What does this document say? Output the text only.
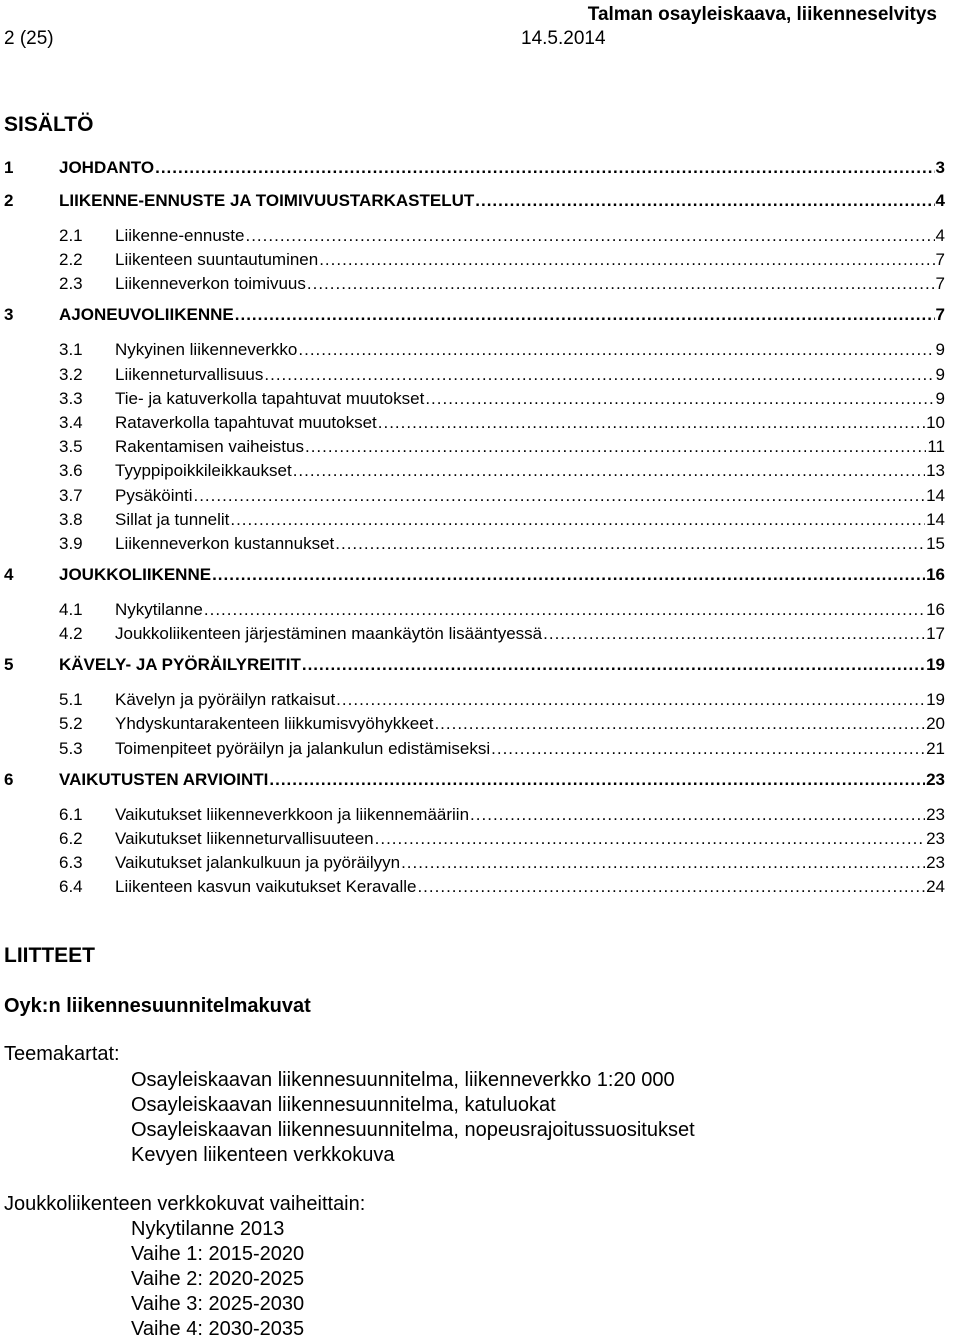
Talman osayleiskaava, liikenneselvitys
2 (25)	14.5.2014
SISÄLTÖ
1	JOHDANTO .....	3
2	LIIKENNE-ENNUSTE JA TOIMIVUUSTARKASTELUT .....	4
2.1	Liikenne-ennuste .....	4
2.2	Liikenteen suuntautuminen .....	7
2.3	Liikenneverkon toimivuus .....	7
3	AJONEUVOLIIKENNE .....	7
3.1	Nykyinen liikenneverkko .....	9
3.2	Liikenneturvallisuus .....	9
3.3	Tie- ja katuverkolla tapahtuvat muutokset .....	9
3.4	Rataverkolla tapahtuvat muutokset .....	10
3.5	Rakentamisen vaiheistus .....	11
3.6	Tyyppipoikkileikkaukset .....	13
3.7	Pysäköinti .....	14
3.8	Sillat ja tunnelit .....	14
3.9	Liikenneverkon kustannukset .....	15
4	JOUKKOLIIKENNE .....	16
4.1	Nykytilanne .....	16
4.2	Joukkoliikenteen järjestäminen maankäytön lisääntyessä .....	17
5	KÄVELY- JA PYÖRÄILYREITIT .....	19
5.1	Kävelyn ja pyöräilyn ratkaisut .....	19
5.2	Yhdyskuntarakenteen liikkumisvyöhykkeet .....	20
5.3	Toimenpiteet pyöräilyn ja jalankulun edistämiseksi .....	21
6	VAIKUTUSTEN ARVIOINTI .....	23
6.1	Vaikutukset liikenneverkkoon ja liikennemääriin .....	23
6.2	Vaikutukset liikenneturvallisuuteen .....	23
6.3	Vaikutukset jalankulkuun ja pyöräilyyn .....	23
6.4	Liikenteen kasvun vaikutukset Keravalle .....	24
LIITTEET
Oyk:n liikennesuunnitelmakuvat
Teemakartat:
Osayleiskaavan liikennesuunnitelma, liikenneverkko 1:20 000
Osayleiskaavan liikennesuunnitelma, katuluokat
Osayleiskaavan liikennesuunnitelma, nopeusrajoitussuositukset
Kevyen liikenteen verkkokuva
Joukkoliikenteen verkkokuvat vaiheittain:
Nykytilanne 2013
Vaihe 1: 2015-2020
Vaihe 2: 2020-2025
Vaihe 3: 2025-2030
Vaihe 4: 2030-2035
